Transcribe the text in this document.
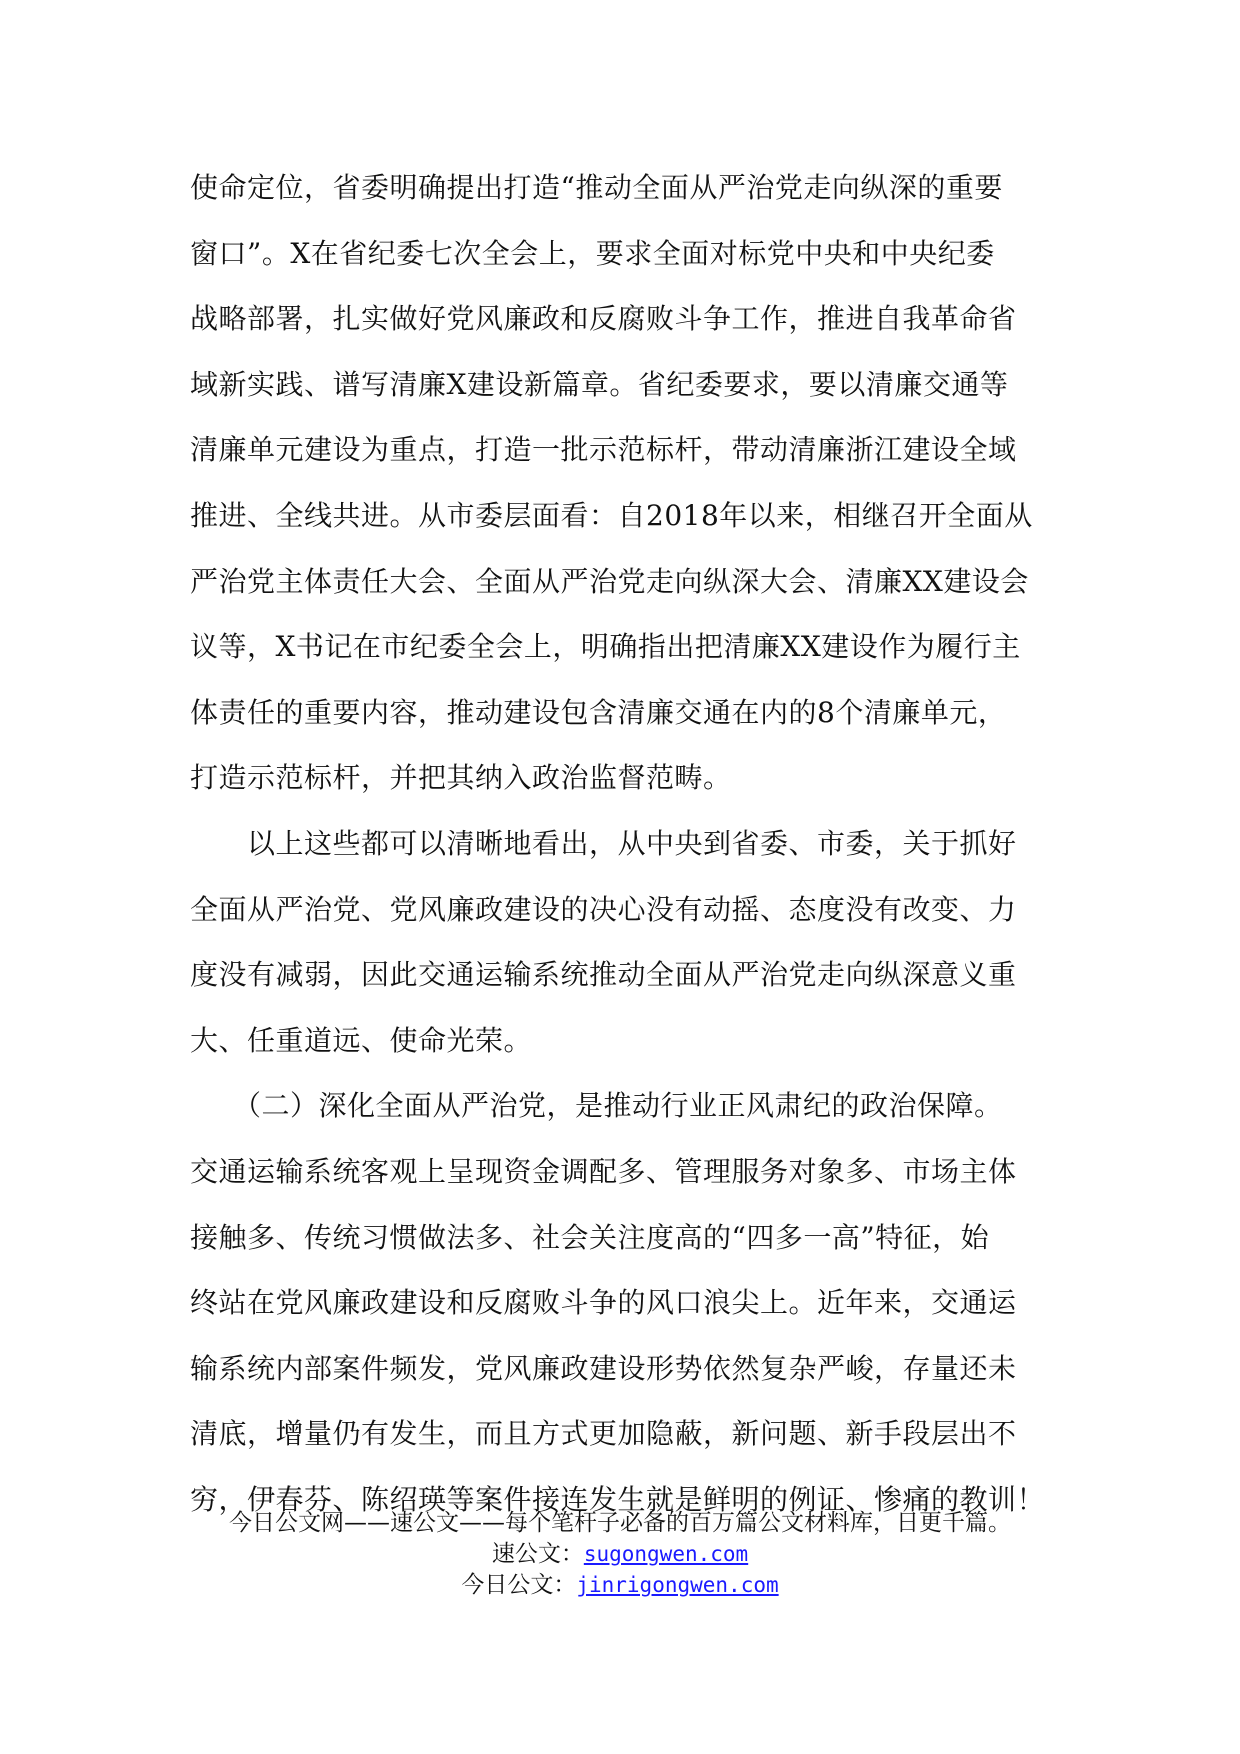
使命定位，省委明确提出打造“推动全面从严治党走向纵深的重要
窗口”。X在省纪委七次全会上，要求全面对标党中央和中央纪委
战略部署，扎实做好党风廉政和反腐败斗争工作，推进自我革命省
域新实践、谱写清廉X建设新篇章。省纪委要求，要以清廉交通等
清廉单元建设为重点，打造一批示范标杆，带动清廉浙江建设全域
推进、全线共进。从市委层面看：自2018年以来，相继召开全面从
严治党主体责任大会、全面从严治党走向纵深大会、清廉XX建设会
议等，X书记在市纪委全会上，明确指出把清廉XX建设作为履行主
体责任的重要内容，推动建设包含清廉交通在内的8个清廉单元，
打造示范标杆，并把其纳入政治监督范畴。
　　以上这些都可以清晰地看出，从中央到省委、市委，关于抓好
全面从严治党、党风廉政建设的决心没有动摇、态度没有改变、力
度没有减弱，因此交通运输系统推动全面从严治党走向纵深意义重
大、任重道远、使命光荣。
　　（二）深化全面从严治党，是推动行业正风肃纪的政治保障。
交通运输系统客观上呈现资金调配多、管理服务对象多、市场主体
接触多、传统习惯做法多、社会关注度高的“四多一高”特征，始
终站在党风廉政建设和反腐败斗争的风口浪尖上。近年来，交通运
输系统内部案件频发，党风廉政建设形势依然复杂严峻，存量还未
清底，增量仍有发生，而且方式更加隐蔽，新问题、新手段层出不
穷，伊春芬、陈绍瑛等案件接连发生就是鲜明的例证、惨痛的教训！
今日公文网——速公文——每个笔杆子必备的百万篇公文材料库，日更千篇。
速公文：sugongwen.com
今日公文：jinrigongwen.com
